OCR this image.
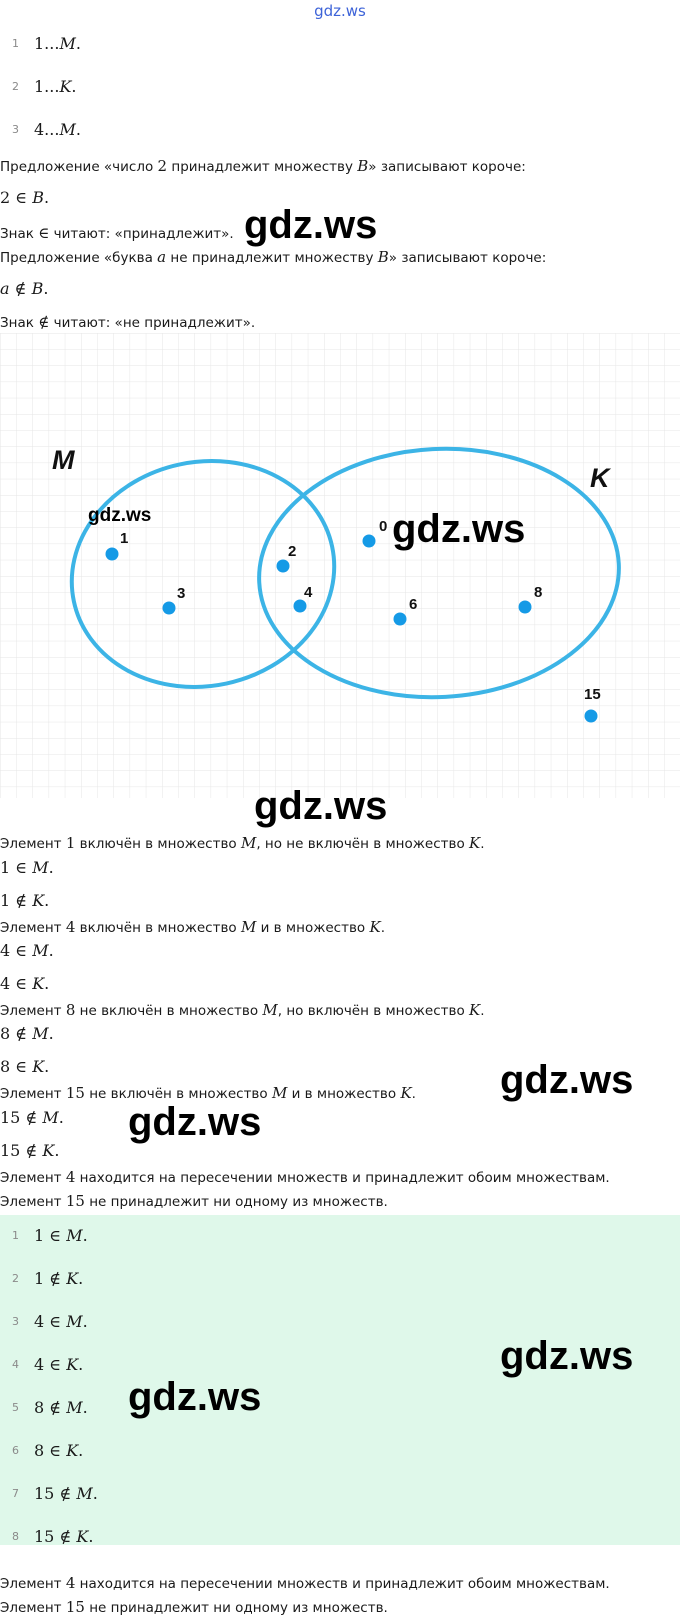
gdz.ws
1 1...M.
2 1...K.
3 4...M.
Предложение «число 2 принадлежит множеству B» записывают короче:
2 ∈ B.
Знак ∈ читают: «принадлежит».
Предложение «буква a не принадлежит множеству B» записывают короче:
a ∉ B.
Знак ∉ читают: «не принадлежит».
M
K
1
3
2
4
0
6
8
15
Элемент 1 включён в множество M, но не включён в множество K.
1 ∈ M.
1 ∉ K.
Элемент 4 включён в множество M и в множество K.
4 ∈ M.
4 ∈ K.
Элемент 8 не включён в множество M, но включён в множество K.
8 ∉ M.
8 ∈ K.
Элемент 15 не включён в множество M и в множество K.
15 ∉ M.
15 ∉ K.
Элемент 4 находится на пересечении множеств и принадлежит обоим множествам.
Элемент 15 не принадлежит ни одному из множеств.
1 1 ∈ M.
2 1 ∉ K.
3 4 ∈ M.
4 4 ∈ K.
5 8 ∉ M.
6 8 ∈ K.
7 15 ∉ M.
8 15 ∉ K.
Элемент 4 находится на пересечении множеств и принадлежит обоим множествам.
Элемент 15 не принадлежит ни одному из множеств.
gdz.ws
gdz.ws	gdz.ws
gdz.ws
gdz.ws
gdz.ws
gdz.ws
gdz.ws
